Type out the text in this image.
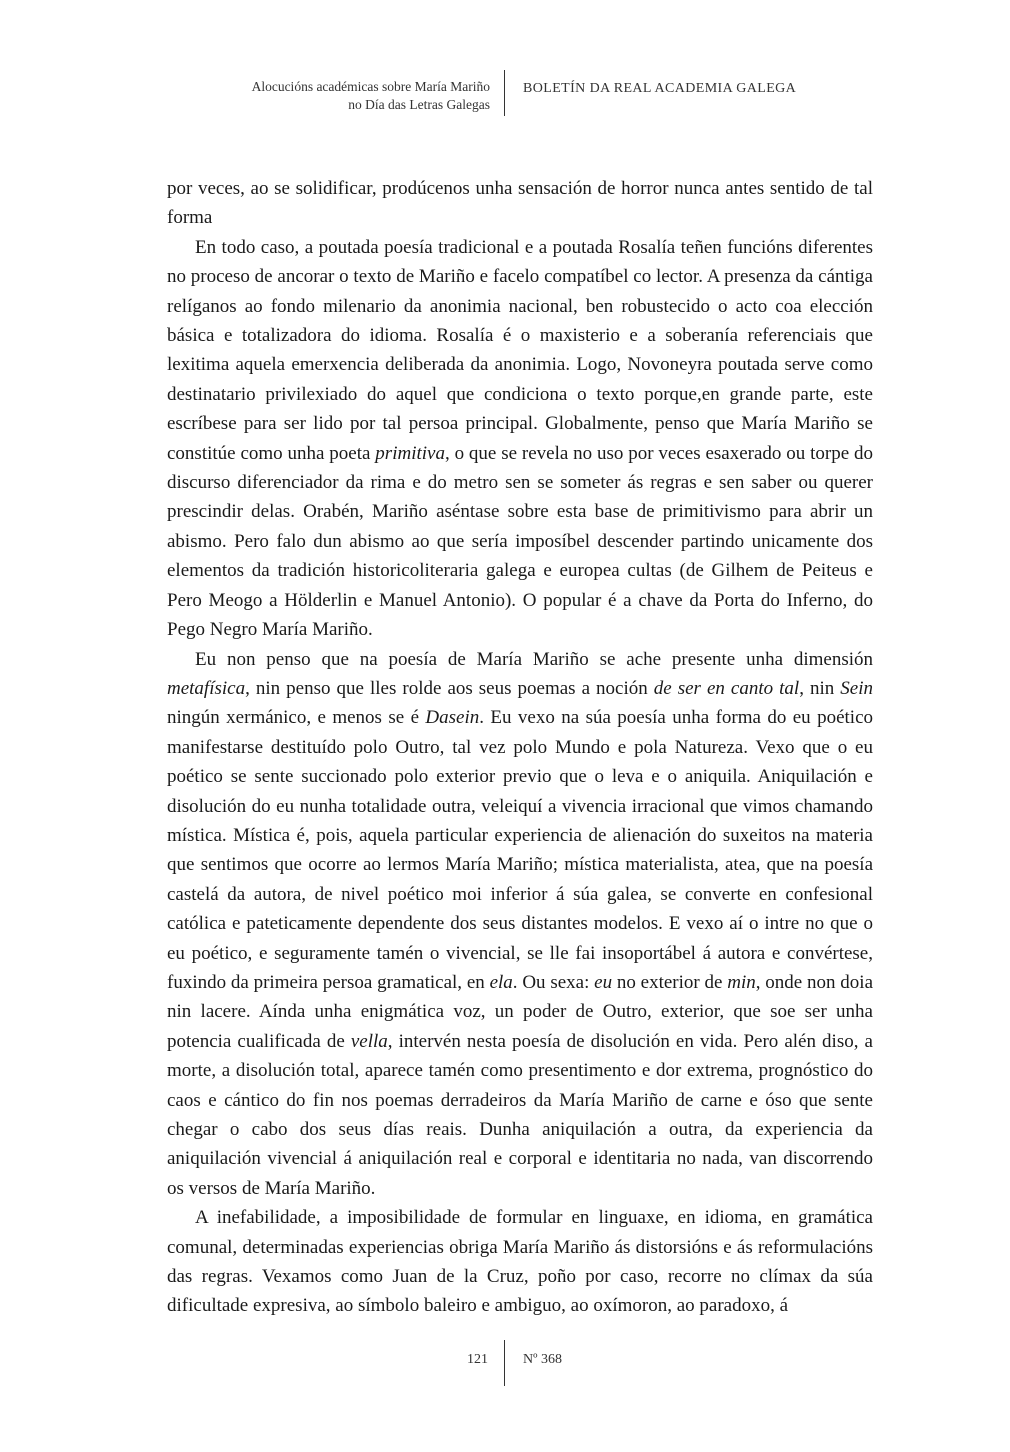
Alocucións académicas sobre María Mariño
no Día das Letras Galegas
BOLETÍN DA REAL ACADEMIA GALEGA

por veces, ao se solidificar, prodúcenos unha sensación de horror nunca antes sentido de tal forma

En todo caso, a poutada poesía tradicional e a poutada Rosalía teñen funcións diferentes no proceso de ancorar o texto de Mariño e facelo compatíbel co lector. A presenza da cántiga relíganos ao fondo milenario da anonimia nacional, ben robustecido o acto coa elección básica e totalizadora do idioma. Rosalía é o maxisterio e a soberanía referenciais que lexitima aquela emerxencia deliberada da anonimia. Logo, Novoneyra poutada serve como destinatario privilexiado do aquel que condiciona o texto porque,en grande parte, este escríbese para ser lido por tal persoa principal. Globalmente, penso que María Mariño se constitúe como unha poeta primitiva, o que se revela no uso por veces esaxerado ou torpe do discurso diferenciador da rima e do metro sen se someter ás regras e sen saber ou querer prescindir delas. Orabén, Mariño aséntase sobre esta base de primitivismo para abrir un abismo. Pero falo dun abismo ao que sería imposíbel descender partindo unicamente dos elementos da tradición historicoliteraria galega e europea cultas (de Gilhem de Peiteus e Pero Meogo a Hölderlin e Manuel Antonio). O popular é a chave da Porta do Inferno, do Pego Negro María Mariño.

Eu non penso que na poesía de María Mariño se ache presente unha dimensión metafísica, nin penso que lles rolde aos seus poemas a noción de ser en canto tal, nin Sein ningún xermánico, e menos se é Dasein. Eu vexo na súa poesía unha forma do eu poético manifestarse destituído polo Outro, tal vez polo Mundo e pola Natureza. Vexo que o eu poético se sente succionado polo exterior previo que o leva e o aniquila. Aniquilación e disolución do eu nunha totalidade outra, veleiquí a vivencia irracional que vimos chamando mística. Mística é, pois, aquela particular experiencia de alienación do suxeitos na materia que sentimos que ocorre ao lermos María Mariño; mística materialista, atea, que na poesía castelá da autora, de nivel poético moi inferior á súa galea, se converte en confesional católica e pateticamente dependente dos seus distantes modelos. E vexo aí o intre no que o eu poético, e seguramente tamén o vivencial, se lle fai insoportábel á autora e convértese, fuxindo da primeira persoa gramatical, en ela. Ou sexa: eu no exterior de min, onde non doia nin lacere. Aínda unha enigmática voz, un poder de Outro, exterior, que soe ser unha potencia cualificada de vella, intervén nesta poesía de disolución en vida. Pero alén diso, a morte, a disolución total, aparece tamén como presentimento e dor extrema, prognóstico do caos e cántico do fin nos poemas derradeiros da María Mariño de carne e óso que sente chegar o cabo dos seus días reais. Dunha aniquilación a outra, da experiencia da aniquilación vivencial á aniquilación real e corporal e identitaria no nada, van discorrendo os versos de María Mariño.

A inefabilidade, a imposibilidade de formular en linguaxe, en idioma, en gramática comunal, determinadas experiencias obriga María Mariño ás distorsións e ás reformulacións das regras. Vexamos como Juan de la Cruz, poño por caso, recorre no clímax da súa dificultade expresiva, ao símbolo baleiro e ambiguo, ao oxímoron, ao paradoxo, á

121	Nº 368
